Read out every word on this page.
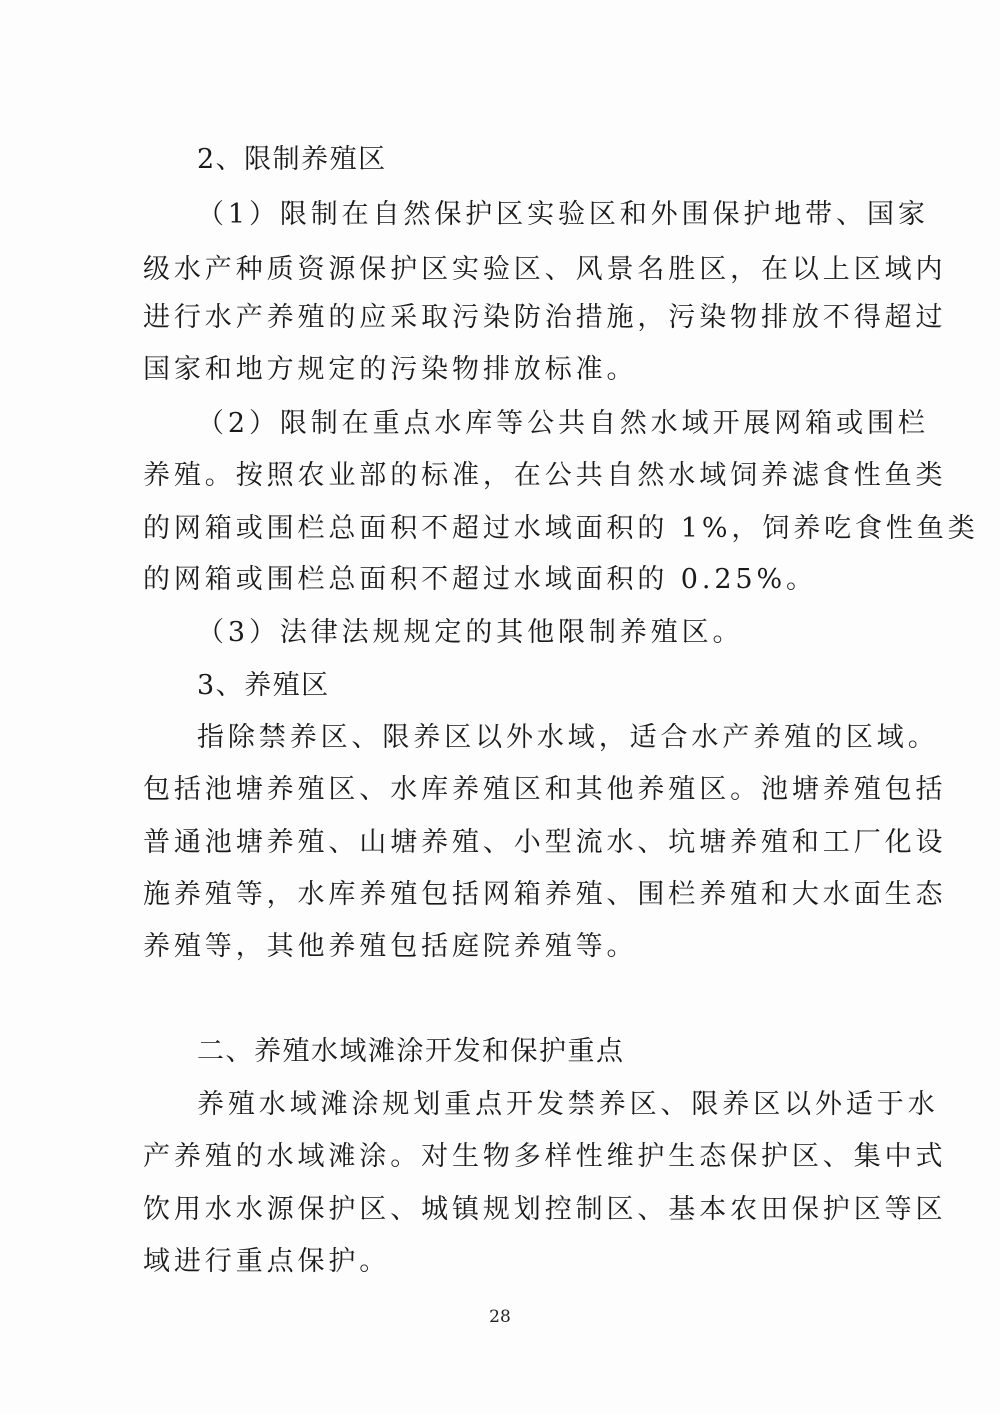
2、限制养殖区
（1）限制在自然保护区实验区和外围保护地带、国家
级水产种质资源保护区实验区、风景名胜区，在以上区域内
进行水产养殖的应采取污染防治措施，污染物排放不得超过
国家和地方规定的污染物排放标准。
（2）限制在重点水库等公共自然水域开展网箱或围栏
养殖。按照农业部的标准，在公共自然水域饲养滤食性鱼类
的网箱或围栏总面积不超过水域面积的 1%，饲养吃食性鱼类
的网箱或围栏总面积不超过水域面积的 0.25%。
（3）法律法规规定的其他限制养殖区。
3、养殖区
指除禁养区、限养区以外水域，适合水产养殖的区域。
包括池塘养殖区、水库养殖区和其他养殖区。池塘养殖包括
普通池塘养殖、山塘养殖、小型流水、坑塘养殖和工厂化设
施养殖等，水库养殖包括网箱养殖、围栏养殖和大水面生态
养殖等，其他养殖包括庭院养殖等。
二、养殖水域滩涂开发和保护重点
养殖水域滩涂规划重点开发禁养区、限养区以外适于水
产养殖的水域滩涂。对生物多样性维护生态保护区、集中式
饮用水水源保护区、城镇规划控制区、基本农田保护区等区
域进行重点保护。
28
